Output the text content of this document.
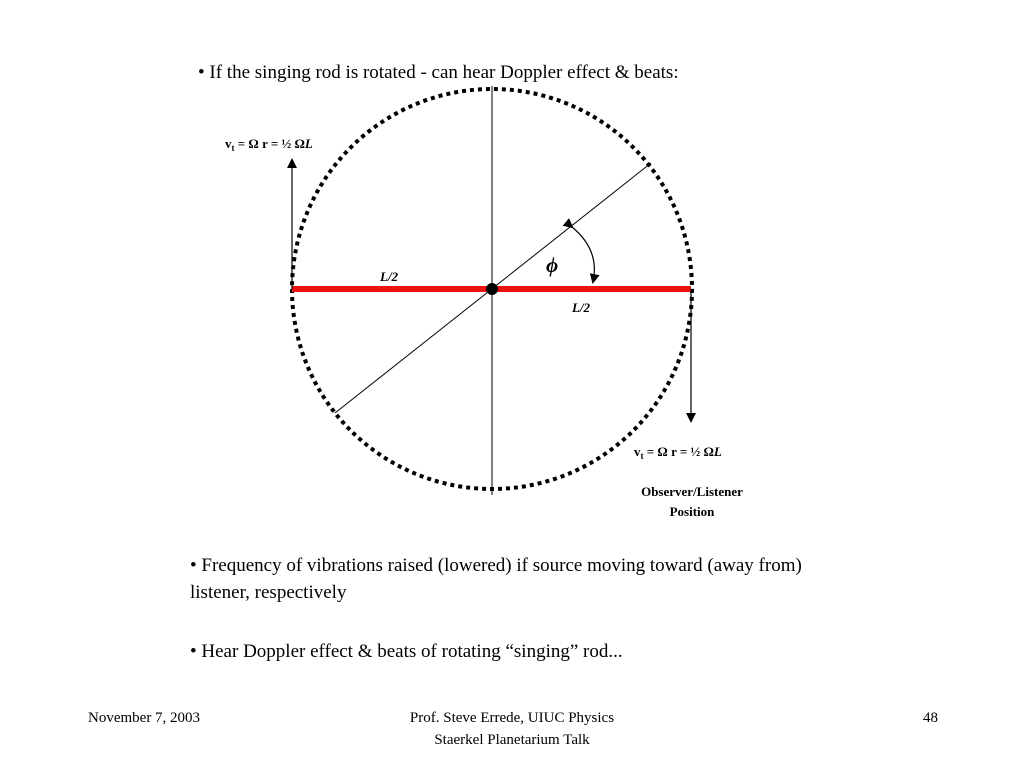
• If the singing rod is rotated - can hear Doppler effect & beats:
L/2
L/2
ϕ
$v_t = \Omega$ r = ½ ΩL
$v_t = \Omega$ r = ½ ΩL
Observer/Listener
Position
• Frequency of vibrations raised (lowered) if source moving toward (away from) listener, respectively
• Hear Doppler effect & beats of rotating “singing” rod...
November 7, 2003	Prof. Steve Errede, UIUC Physics
Staerkel Planetarium Talk
48
